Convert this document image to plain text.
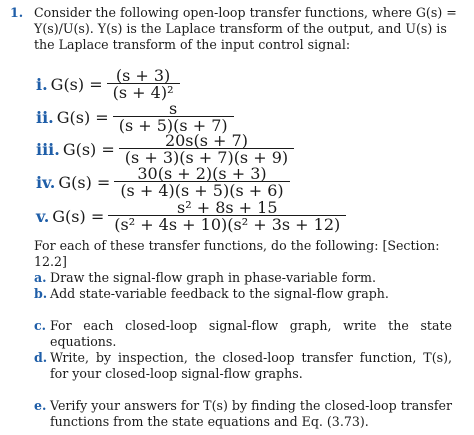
1. Consider the following open-loop transfer functions, where G(s) = Y(s)/U(s). Y(s) is the Laplace transform of the output, and U(s) is the Laplace transform of the input control signal:
i. $G(s) = \frac{(s + 3)}{\text{(s + 4)²}}$
ii. $G(s) = \frac{s}{(s + 5)(s + 7)}$
iii. $G(s) = \frac{20s(s + 7)}{(s + 3)(s + 7)(s + 9)}$
iv. $G(s) = \frac{30(s + 2)(s + 3)}{(s + 4)(s + 5)(s + 6)}$
v. $G(s) = \frac{\text{s² + 8s + 15}}{\text{(s² + 4s + 10)(s² + 3s + 12)}}$
For each of these transfer functions, do the following: [Section: 12.2]
a. Draw the signal-flow graph in phase-variable form.
b. Add state-variable feedback to the signal-flow graph.
c. For each closed-loop signal-flow graph, write the state equations.
d. Write, by inspection, the closed-loop transfer function, T(s), for your closed-loop signal-flow graphs.
e. Verify your answers for T(s) by finding the closed-loop transfer functions from the state equations and Eq. (3.73).
